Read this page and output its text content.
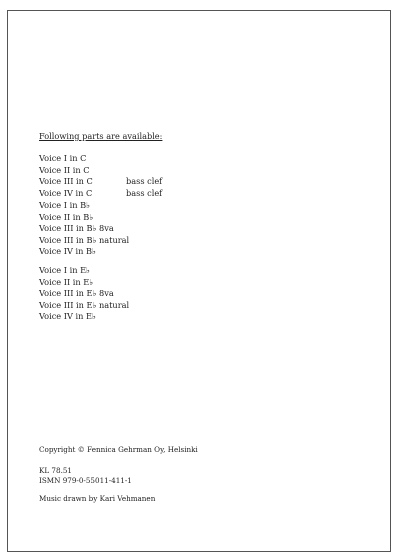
Following parts are available:
Voice I in C
Voice II in C
Voice III in C	bass clef
Voice IV in C	bass clef
Voice I in B♭
Voice II in B♭
Voice III in B♭ 8va
Voice III in B♭ natural
Voice IV in B♭
Voice I in E♭
Voice II in E♭
Voice III in E♭ 8va
Voice III in E♭ natural
Voice IV in E♭
Copyright © Fennica Gehrman Oy, Helsinki
KL 78.51
ISMN 979-0-55011-411-1
Music drawn by Kari Vehmanen
